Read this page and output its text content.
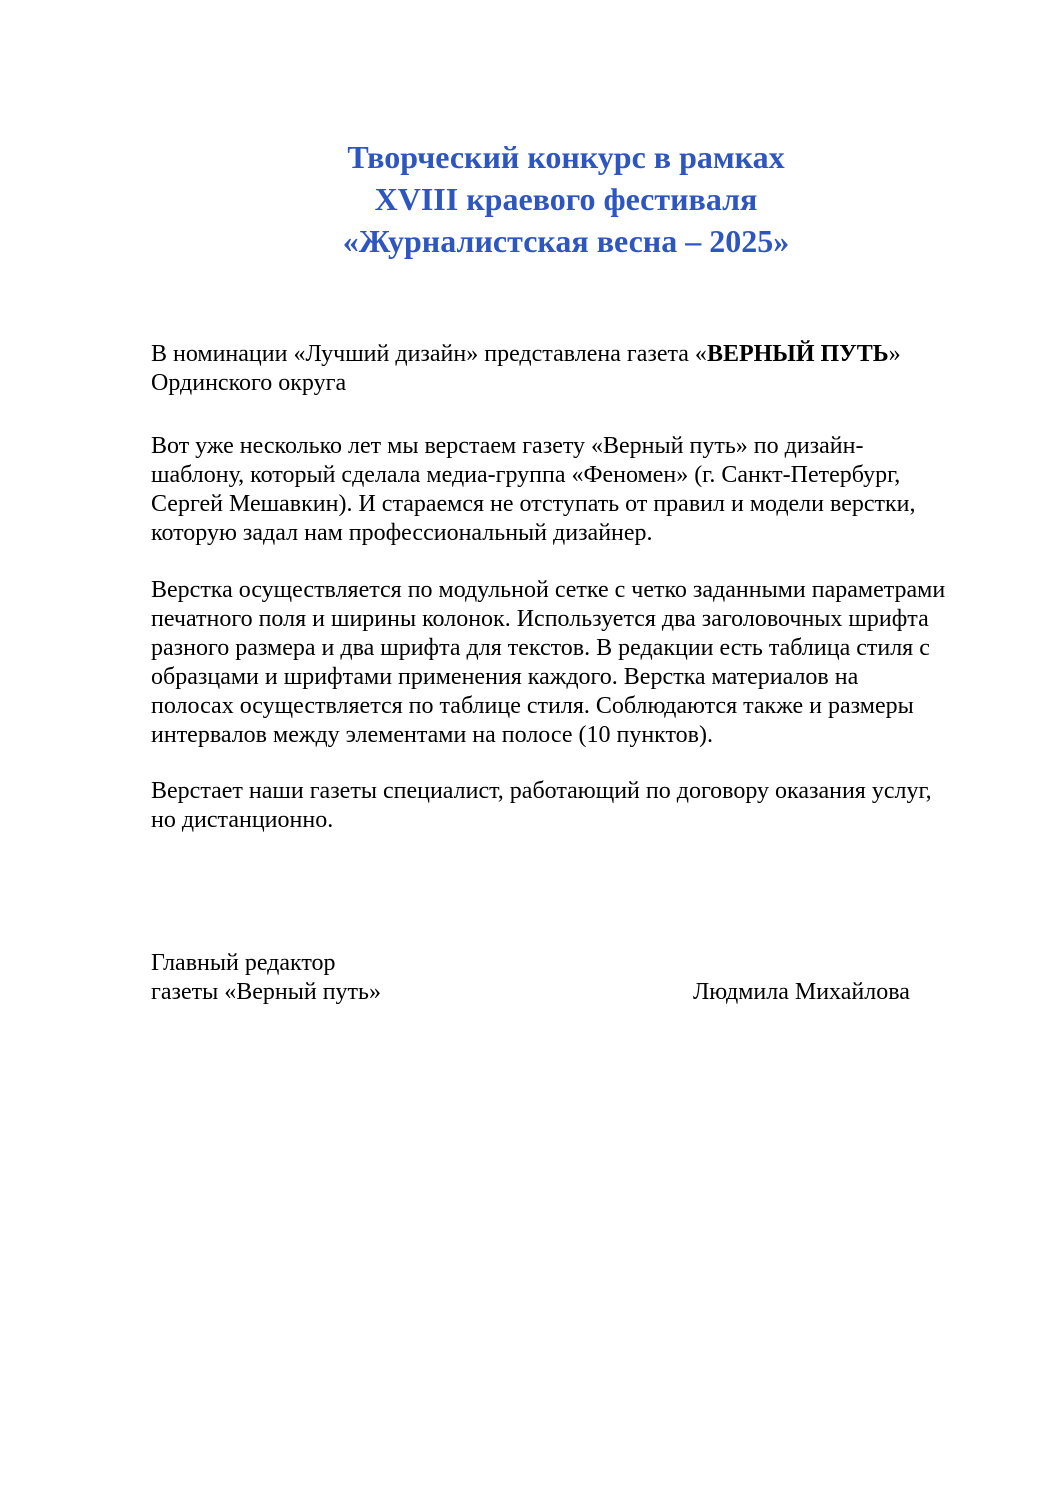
Творческий конкурс в рамках
XVIII краевого фестиваля
«Журналистская весна – 2025»
В номинации «Лучший дизайн» представлена газета «ВЕРНЫЙ ПУТЬ»
Ординского округа
Вот уже несколько лет мы верстаем газету «Верный путь» по дизайн-
шаблону, который сделала медиа-группа «Феномен» (г. Санкт-Петербург,
Сергей Мешавкин). И стараемся не отступать от правил и модели верстки,
которую задал нам профессиональный дизайнер.
Верстка осуществляется по модульной сетке с четко заданными параметрами
печатного поля и ширины колонок. Используется два заголовочных шрифта
разного размера и два шрифта для текстов. В редакции есть таблица стиля с
образцами и шрифтами применения каждого. Верстка материалов на
полосах осуществляется по таблице стиля. Соблюдаются также и размеры
интервалов между элементами на полосе (10 пунктов).
Верстает наши газеты специалист, работающий по договору оказания услуг,
но дистанционно.
Главный редактор
газеты «Верный путь»	Людмила Михайлова
